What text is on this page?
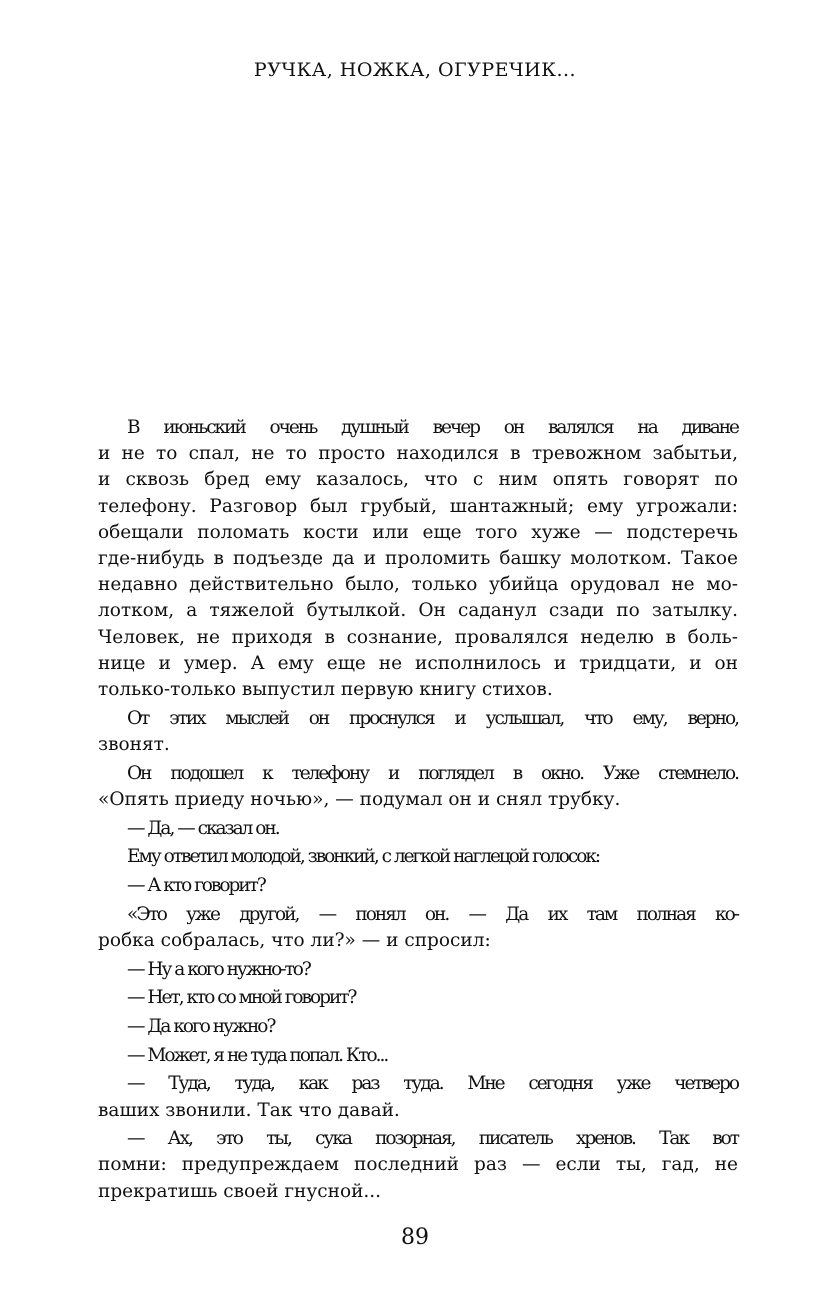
РУЧКА, НОЖКА, ОГУРЕЧИК...
В июньский очень душный вечер он валялся на диване
и не то спал, не то просто находился в тревожном забытьи,
и сквозь бред ему казалось, что с ним опять говорят по
телефону. Разговор был грубый, шантажный; ему угрожали:
обещали поломать кости или еще того хуже — подстеречь
где-нибудь в подъезде да и проломить башку молотком. Такое
недавно действительно было, только убийца орудовал не мо-
лотком, а тяжелой бутылкой. Он саданул сзади по затылку.
Человек, не приходя в сознание, провалялся неделю в боль-
нице и умер. А ему еще не исполнилось и тридцати, и он
только-только выпустил первую книгу стихов.
От этих мыслей он проснулся и услышал, что ему, верно,
звонят.
Он подошел к телефону и поглядел в окно. Уже стемнело.
«Опять приеду ночью», — подумал он и снял трубку.
— Да, — сказал он.
Ему ответил молодой, звонкий, с легкой наглецой голосок:
— А кто говорит?
«Это уже другой, — понял он. — Да их там полная ко-
робка собралась, что ли?» — и спросил:
— Ну а кого нужно-то?
— Нет, кто со мной говорит?
— Да кого нужно?
— Может, я не туда попал. Кто...
— Туда, туда, как раз туда. Мне сегодня уже четверо
ваших звонили. Так что давай.
— Ах, это ты, сука позорная, писатель хренов. Так вот
помни: предупреждаем последний раз — если ты, гад, не
прекратишь своей гнусной...
89
